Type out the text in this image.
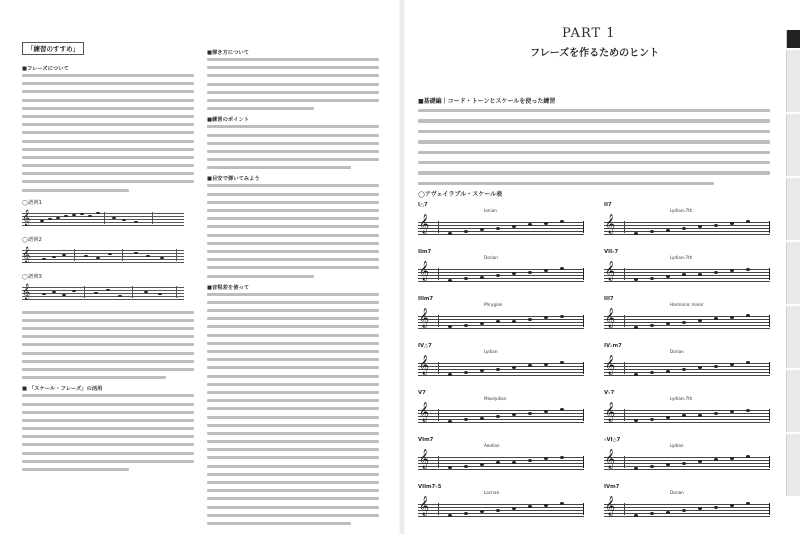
「練習のすすめ」
■フレーズについて
◯譜例1
𝄞
◯譜例2
𝄞
◯譜例3
𝄞
■ 「スケール・フレーズ」の活用
■弾き方について
■練習のポイント
■目安で弾いてみよう
■音程差を使って
PART 1
フレーズを作るためのヒント
■基礎編｜コード・トーンとスケールを使った練習
◯アヴェイラブル・スケール表
I△7
Ionian
𝄞
IIm7
Dorian
𝄞
IIIm7
Phrygian
𝄞
IV△7
Lydian
𝄞
V7
Mixolydian
𝄞
VIm7
Aeolian
𝄞
VIIm7♭5
Locrian
𝄞
II7
Lydian♭7th
𝄞
VII♭7
Lydian♭7th
𝄞
III7
Harmonic minor
𝄞
IV♭m7
Dorian
𝄞
V♭7
Lydian♭7th
𝄞
♭VI△7
Lydian
𝄞
IVm7
Dorian
𝄞
